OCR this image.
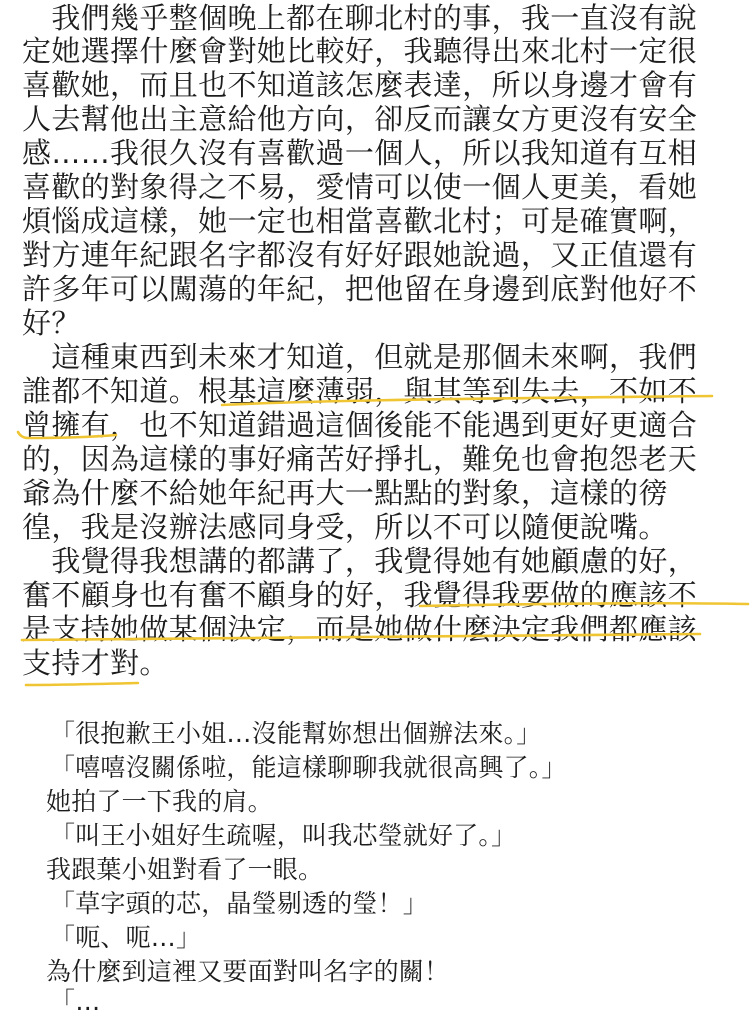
　我們幾乎整個晚上都在聊北村的事，我一直沒有說
定她選擇什麼會對她比較好，我聽得出來北村一定很
喜歡她，而且也不知道該怎麼表達，所以身邊才會有
人去幫他出主意給他方向，卻反而讓女方更沒有安全
感……我很久沒有喜歡過一個人，所以我知道有互相
喜歡的對象得之不易，愛情可以使一個人更美，看她
煩惱成這樣，她一定也相當喜歡北村；可是確實啊，
對方連年紀跟名字都沒有好好跟她說過，又正值還有
許多年可以闖蕩的年紀，把他留在身邊到底對他好不
好？
　這種東西到未來才知道，但就是那個未來啊，我們
誰都不知道。根基這麼薄弱，與其等到失去，不如不
曾擁有，也不知道錯過這個後能不能遇到更好更適合
的，因為這樣的事好痛苦好掙扎，難免也會抱怨老天
爺為什麼不給她年紀再大一點點的對象，這樣的徬
徨，我是沒辦法感同身受，所以不可以隨便說嘴。
　我覺得我想講的都講了，我覺得她有她顧慮的好，
奮不顧身也有奮不顧身的好，我覺得我要做的應該不
是支持她做某個決定，而是她做什麼決定我們都應該
支持才對。
「很抱歉王小姐…沒能幫妳想出個辦法來。」
「嘻嘻沒關係啦，能這樣聊聊我就很高興了。」
她拍了一下我的肩。
「叫王小姐好生疏喔，叫我芯瑩就好了。」
我跟葉小姐對看了一眼。
「草字頭的芯，晶瑩剔透的瑩！」
「呃、呃…」
為什麼到這裡又要面對叫名字的關！
「…
